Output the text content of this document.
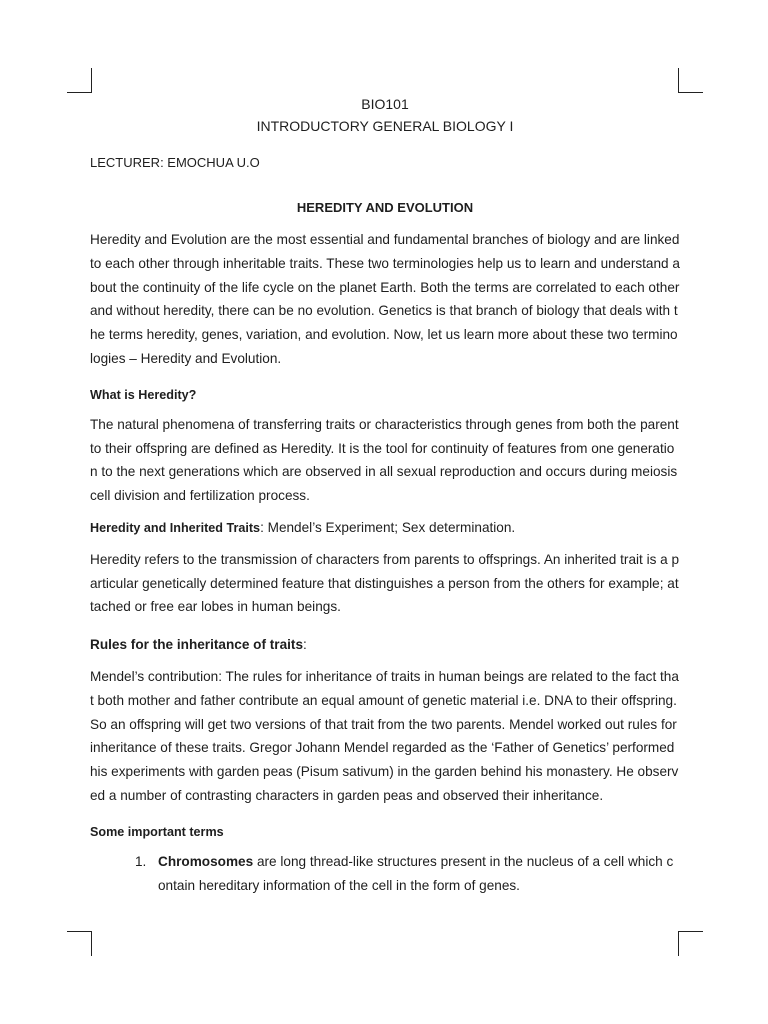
BIO101

INTRODUCTORY GENERAL BIOLOGY I

LECTURER: EMOCHUA U.O

HEREDITY AND EVOLUTION

Heredity and Evolution are the most essential and fundamental branches of biology and are linked to each other through inheritable traits. These two terminologies help us to learn and understand about the continuity of the life cycle on the planet Earth. Both the terms are correlated to each other and without heredity, there can be no evolution. Genetics is that branch of biology that deals with the terms heredity, genes, variation, and evolution. Now, let us learn more about these two terminologies – Heredity and Evolution.

What is Heredity?

The natural phenomena of transferring traits or characteristics through genes from both the parent to their offspring are defined as Heredity. It is the tool for continuity of features from one generation to the next generations which are observed in all sexual reproduction and occurs during meiosis cell division and fertilization process.

Heredity and Inherited Traits: Mendel’s Experiment; Sex determination.

Heredity refers to the transmission of characters from parents to offsprings. An inherited trait is a particular genetically determined feature that distinguishes a person from the others for example; attached or free ear lobes in human beings.

Rules for the inheritance of traits:

Mendel’s contribution: The rules for inheritance of traits in human beings are related to the fact that both mother and father contribute an equal amount of genetic material i.e. DNA to their offspring. So an offspring will get two versions of that trait from the two parents. Mendel worked out rules for inheritance of these traits. Gregor Johann Mendel regarded as the ‘Father of Genetics’ performed his experiments with garden peas (Pisum sativum) in the garden behind his monastery. He observed a number of contrasting characters in garden peas and observed their inheritance.

Some important terms

1. Chromosomes are long thread-like structures present in the nucleus of a cell which contain hereditary information of the cell in the form of genes.
